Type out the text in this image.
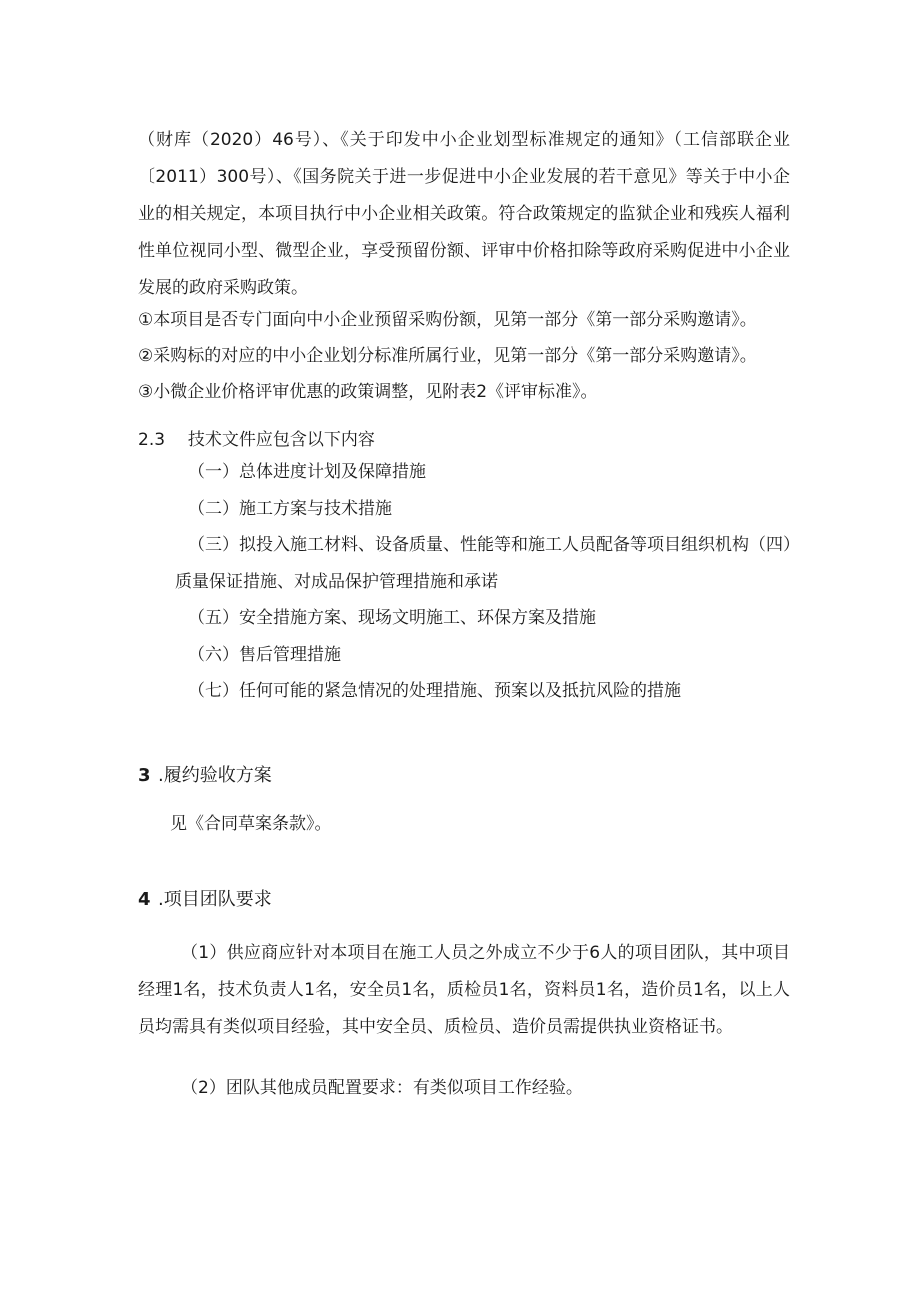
（财库（2020）46号）、《关于印发中小企业划型标准规定的通知》（工信部联企业〔2011）300号）、《国务院关于进一步促进中小企业发展的若干意见》等关于中小企业的相关规定，本项目执行中小企业相关政策。符合政策规定的监狱企业和残疾人福利性单位视同小型、微型企业，享受预留份额、评审中价格扣除等政府采购促进中小企业发展的政府采购政策。
①本项目是否专门面向中小企业预留采购份额，见第一部分《第一部分采购邀请》。
②采购标的对应的中小企业划分标准所属行业，见第一部分《第一部分采购邀请》。
③小微企业价格评审优惠的政策调整，见附表2《评审标准》。
2.3 技术文件应包含以下内容
（一）总体进度计划及保障措施
（二）施工方案与技术措施
（三）拟投入施工材料、设备质量、性能等和施工人员配备等项目组织机构（四）
质量保证措施、对成品保护管理措施和承诺
（五）安全措施方案、现场文明施工、环保方案及措施
（六）售后管理措施
（七）任何可能的紧急情况的处理措施、预案以及抵抗风险的措施
3 .履约验收方案
见《合同草案条款》。
4 .项目团队要求
（1）供应商应针对本项目在施工人员之外成立不少于6人的项目团队，其中项目经理1名，技术负责人1名，安全员1名，质检员1名，资料员1名，造价员1名，以上人员均需具有类似项目经验，其中安全员、质检员、造价员需提供执业资格证书。
（2）团队其他成员配置要求：有类似项目工作经验。
